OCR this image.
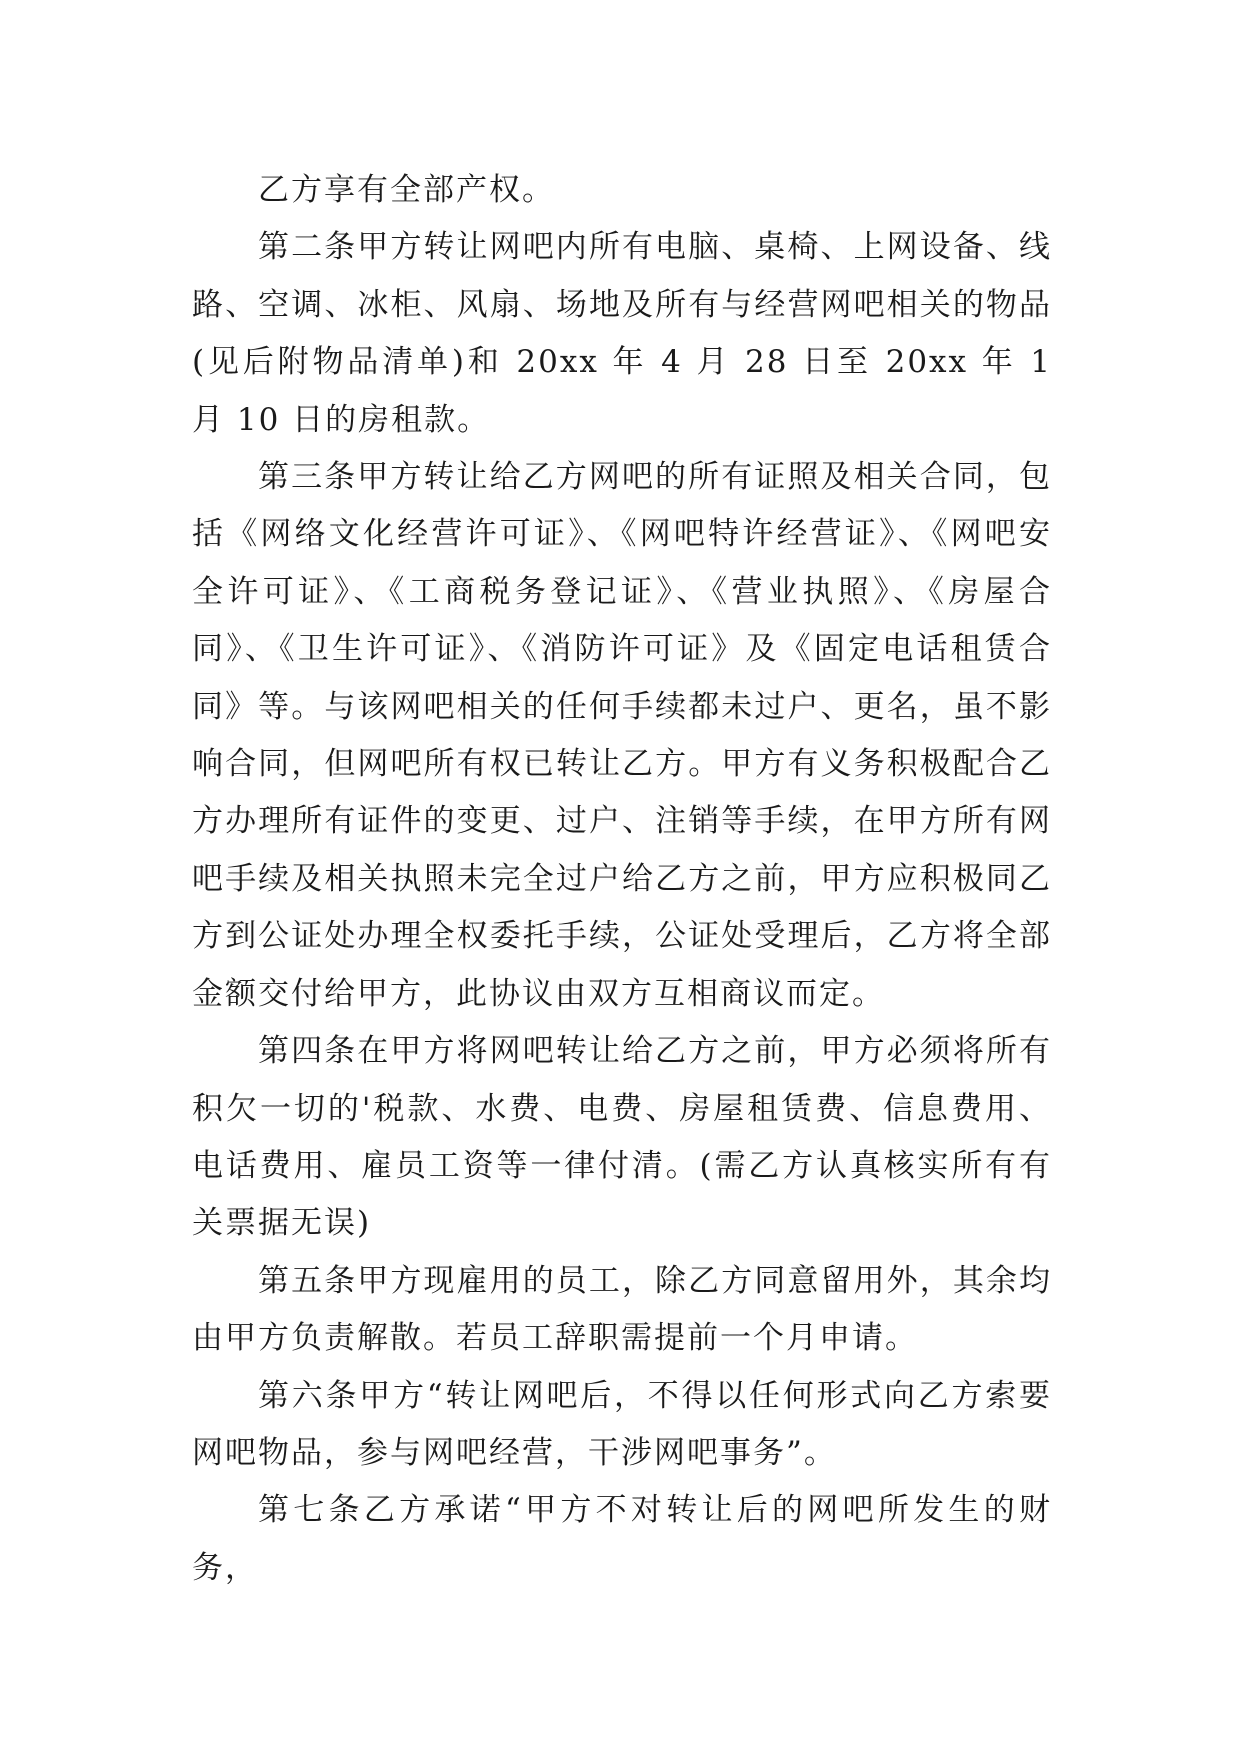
乙方享有全部产权。

第二条甲方转让网吧内所有电脑、桌椅、上网设备、线路、空调、冰柜、风扇、场地及所有与经营网吧相关的物品(见后附物品清单)和 20xx 年 4 月 28 日至 20xx 年 1 月 10 日的房租款。

第三条甲方转让给乙方网吧的所有证照及相关合同，包括《网络文化经营许可证》、《网吧特许经营证》、《网吧安全许可证》、《工商税务登记证》、《营业执照》、《房屋合同》、《卫生许可证》、《消防许可证》及《固定电话租赁合同》等。与该网吧相关的任何手续都未过户、更名，虽不影响合同，但网吧所有权已转让乙方。甲方有义务积极配合乙方办理所有证件的变更、过户、注销等手续，在甲方所有网吧手续及相关执照未完全过户给乙方之前，甲方应积极同乙方到公证处办理全权委托手续，公证处受理后，乙方将全部金额交付给甲方，此协议由双方互相商议而定。

第四条在甲方将网吧转让给乙方之前，甲方必须将所有积欠一切的'税款、水费、电费、房屋租赁费、信息费用、电话费用、雇员工资等一律付清。(需乙方认真核实所有有关票据无误)

第五条甲方现雇用的员工，除乙方同意留用外，其余均由甲方负责解散。若员工辞职需提前一个月申请。

第六条甲方“转让网吧后，不得以任何形式向乙方索要网吧物品，参与网吧经营，干涉网吧事务”。

第七条乙方承诺“甲方不对转让后的网吧所发生的财务，
